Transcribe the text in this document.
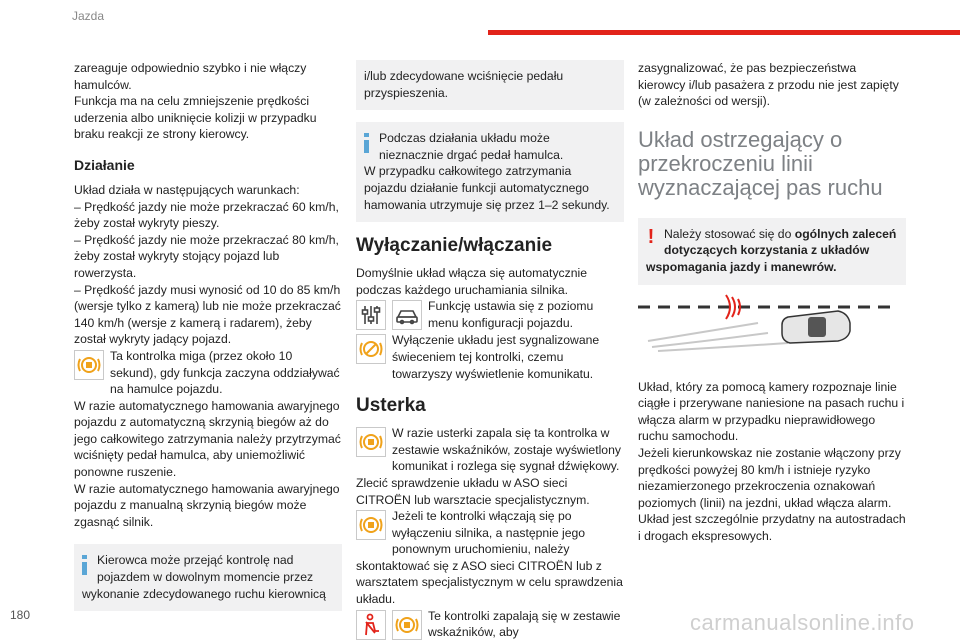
Jazda

zareaguje odpowiednio szybko i nie włączy hamulców.

Funkcja ma na celu zmniejszenie prędkości uderzenia albo uniknięcie kolizji w przypadku braku reakcji ze strony kierowcy.

Działanie

Układ działa w następujących warunkach:

– Prędkość jazdy nie może przekraczać 60 km/h, żeby został wykryty pieszy.

– Prędkość jazdy nie może przekraczać 80 km/h, żeby został wykryty stojący pojazd lub rowerzysta.

– Prędkość jazdy musi wynosić od 10 do 85 km/h (wersje tylko z kamerą) lub nie może przekraczać 140 km/h (wersje z kamerą i radarem), żeby został wykryty jadący pojazd.

Ta kontrolka miga (przez około 10 sekund), gdy funkcja zaczyna oddziaływać na hamulce pojazdu.

W razie automatycznego hamowania awaryjnego pojazdu z automatyczną skrzynią biegów aż do jego całkowitego zatrzymania należy przytrzymać wciśnięty pedał hamulca, aby uniemożliwić ponowne ruszenie.

W razie automatycznego hamowania awaryjnego pojazdu z manualną skrzynią biegów może zgasnąć silnik.

Kierowca może przejąć kontrolę nad pojazdem w dowolnym momencie przez wykonanie zdecydowanego ruchu kierownicą
i/lub zdecydowane wciśnięcie pedału przyspieszenia.
Podczas działania układu może nieznacznie drgać pedał hamulca.
W przypadku całkowitego zatrzymania pojazdu działanie funkcji automatycznego hamowania utrzymuje się przez 1–2 sekundy.
Wyłączanie/włączanie

Domyślnie układ włącza się automatycznie podczas każdego uruchamiania silnika.

Funkcję ustawia się z poziomu menu konfiguracji pojazdu.

Wyłączenie układu jest sygnalizowane świeceniem tej kontrolki, czemu towarzyszy wyświetlenie komunikatu.

Usterka

W razie usterki zapala się ta kontrolka w zestawie wskaźników, zostaje wyświetlony komunikat i rozlega się sygnał dźwiękowy.

Zlecić sprawdzenie układu w ASO sieci CITROËN lub warsztacie specjalistycznym.

Jeżeli te kontrolki włączają się po wyłączeniu silnika, a następnie jego ponownym uruchomieniu, należy skontaktować się z ASO sieci CITROËN lub z warsztatem specjalistycznym w celu sprawdzenia układu.

Te kontrolki zapalają się w zestawie wskaźników, aby

zasygnalizować, że pas bezpieczeństwa kierowcy i/lub pasażera z przodu nie jest zapięty (w zależności od wersji).

Układ ostrzegający o przekroczeniu linii wyznaczającej pas ruchu
! Należy stosować się do ogólnych zaleceń dotyczących korzystania z układów wspomagania jazdy i manewrów.

Układ, który za pomocą kamery rozpoznaje linie ciągłe i przerywane naniesione na pasach ruchu i włącza alarm w przypadku nieprawidłowego ruchu samochodu.

Jeżeli kierunkowskaz nie zostanie włączony przy prędkości powyżej 80 km/h i istnieje ryzyko niezamierzonego przekroczenia oznakowań poziomych (linii) na jezdni, układ włącza alarm.

Układ jest szczególnie przydatny na autostradach i drogach ekspresowych.

180	carmanualsonline.info
